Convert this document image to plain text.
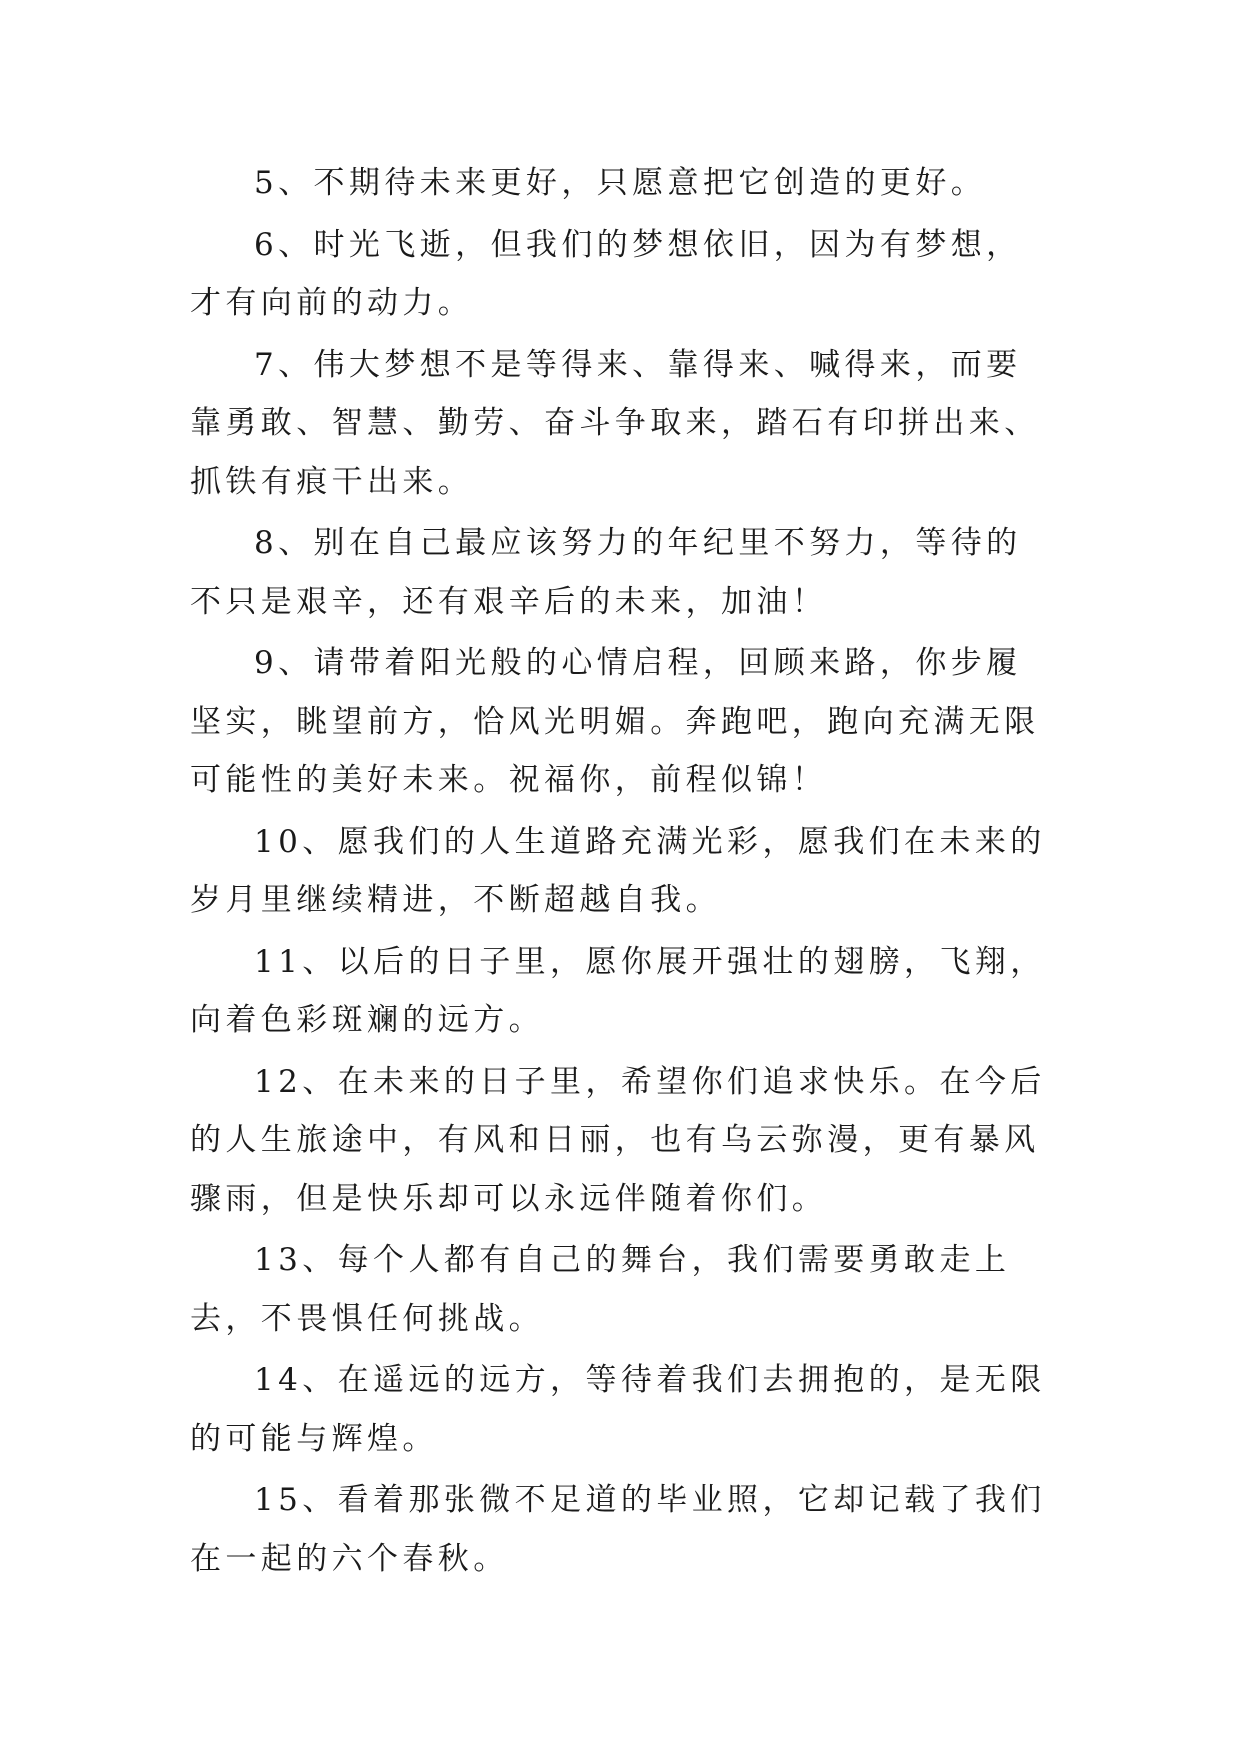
5、不期待未来更好，只愿意把它创造的更好。

6、时光飞逝，但我们的梦想依旧，因为有梦想，才有向前的动力。

7、伟大梦想不是等得来、靠得来、喊得来，而要靠勇敢、智慧、勤劳、奋斗争取来，踏石有印拼出来、抓铁有痕干出来。

8、别在自己最应该努力的年纪里不努力，等待的不只是艰辛，还有艰辛后的未来，加油！

9、请带着阳光般的心情启程，回顾来路，你步履坚实，眺望前方，恰风光明媚。奔跑吧，跑向充满无限可能性的美好未来。祝福你，前程似锦！

10、愿我们的人生道路充满光彩，愿我们在未来的岁月里继续精进，不断超越自我。

11、以后的日子里，愿你展开强壮的翅膀，飞翔，向着色彩斑斓的远方。

12、在未来的日子里，希望你们追求快乐。在今后的人生旅途中，有风和日丽，也有乌云弥漫，更有暴风骤雨，但是快乐却可以永远伴随着你们。

13、每个人都有自己的舞台，我们需要勇敢走上去，不畏惧任何挑战。

14、在遥远的远方，等待着我们去拥抱的，是无限的可能与辉煌。

15、看着那张微不足道的毕业照，它却记载了我们在一起的六个春秋。
